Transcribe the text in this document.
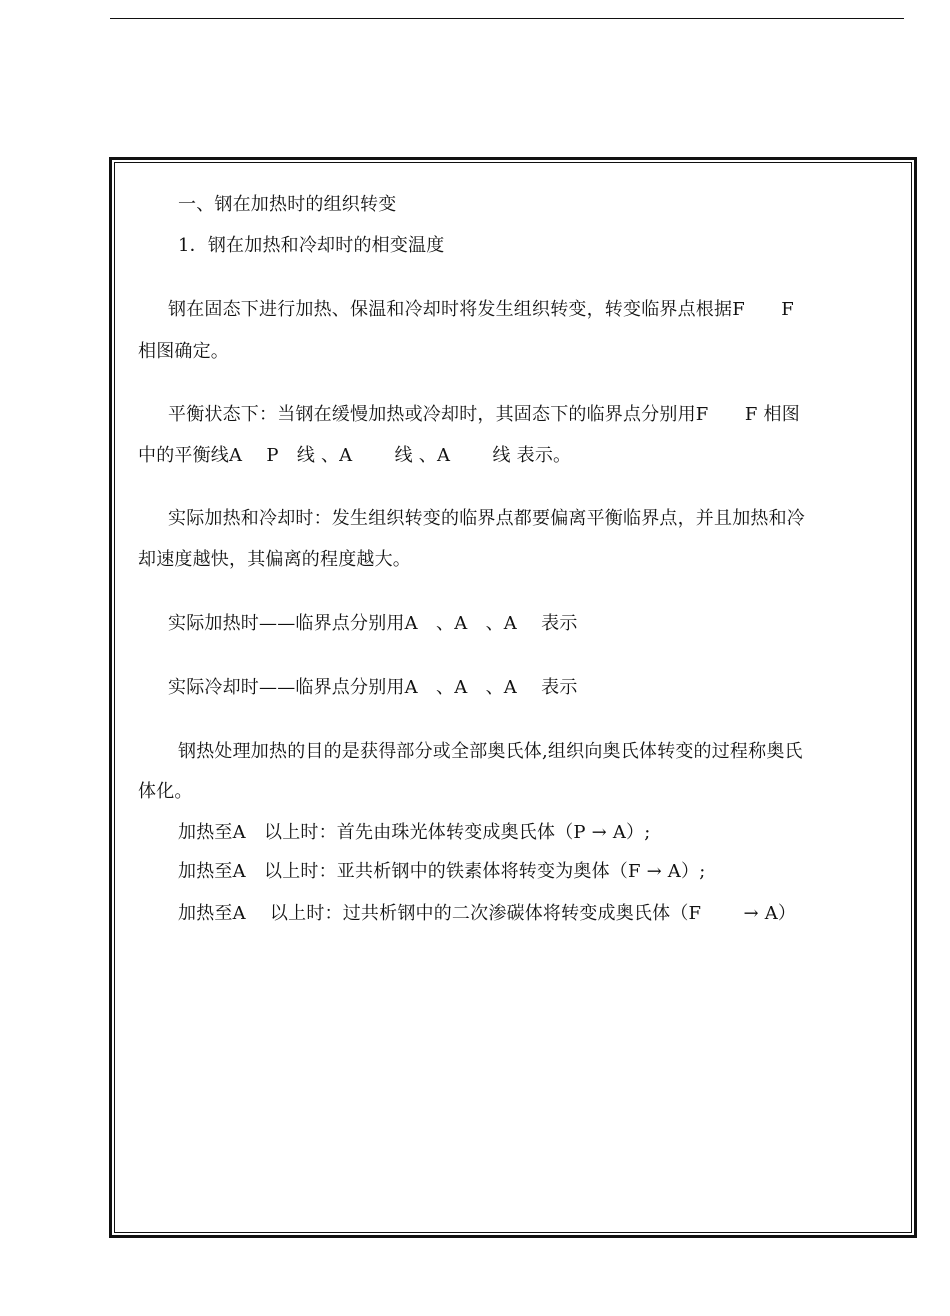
一、钢在加热时的组织转变
1．钢在加热和冷却时的相变温度
钢在固态下进行加热、保温和冷却时将发生组织转变，转变临界点根据F　　F
相图确定。
平衡状态下：当钢在缓慢加热或冷却时，其固态下的临界点分别用F　　F 相图
中的平衡线A　 P　线 、A　　 线 、A　　 线 表示。
实际加热和冷却时：发生组织转变的临界点都要偏离平衡临界点，并且加热和冷
却速度越快，其偏离的程度越大。
实际加热时——临界点分别用A　、A　、A　 表示
实际冷却时——临界点分别用A　、A　、A　 表示
钢热处理加热的目的是获得部分或全部奥氏体,组织向奥氏体转变的过程称奥氏
体化。
加热至A　以上时：首先由珠光体转变成奥氏体（P → A）;
加热至A　以上时：亚共析钢中的铁素体将转变为奥体（F → A）;
加热至A　 以上时：过共析钢中的二次渗碳体将转变成奥氏体（F　　 → A）
